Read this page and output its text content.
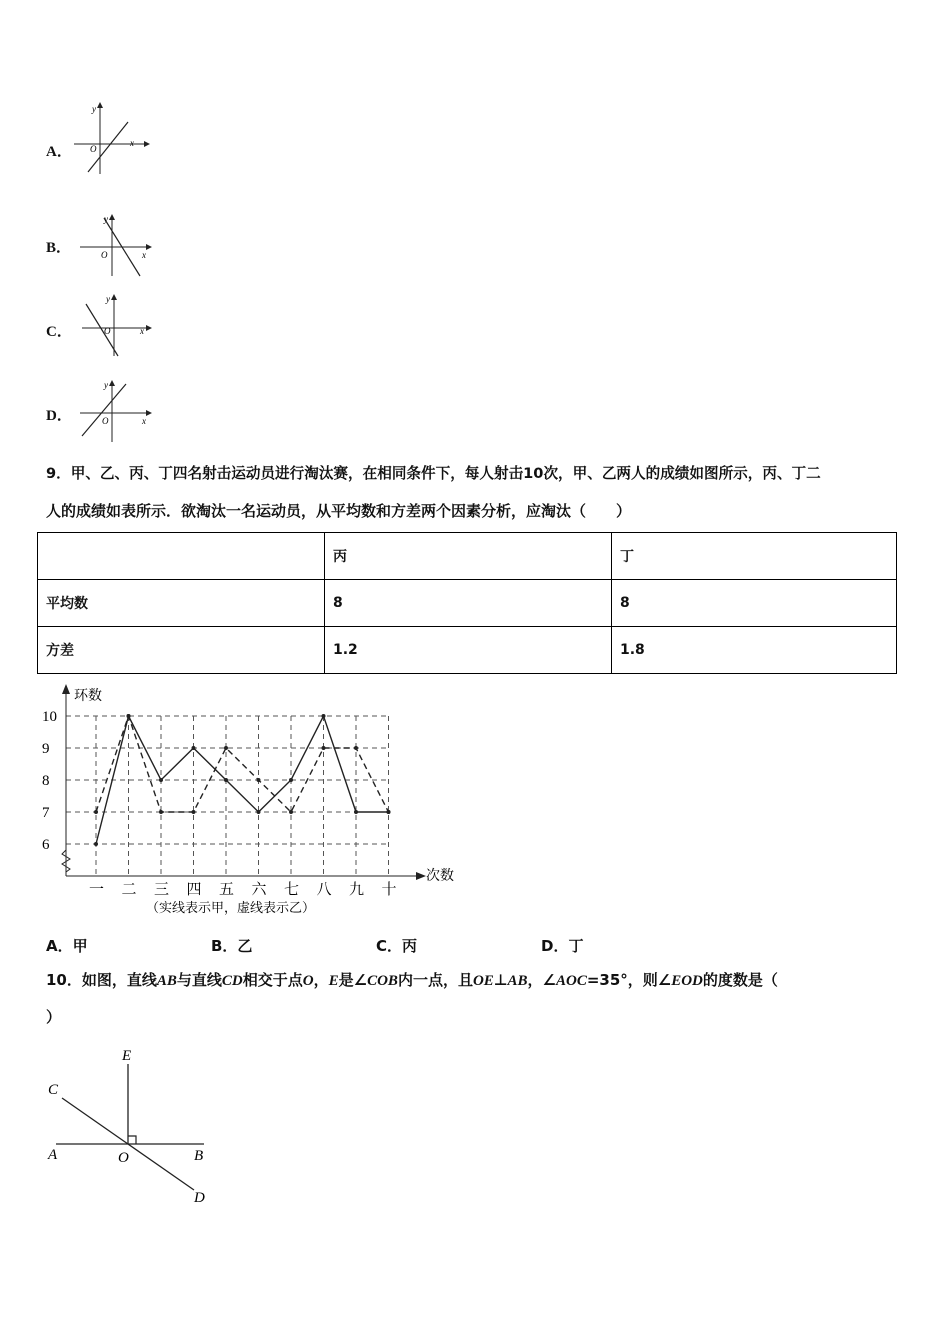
A．
y
x
O
B．
y
x
O
C．
y
x
O
D．
y
x
O
9．甲、乙、丙、丁四名射击运动员进行淘汰赛，在相同条件下，每人射击10次，甲、乙两人的成绩如图所示，丙、丁二
人的成绩如表所示．欲淘汰一名运动员，从平均数和方差两个因素分析，应淘汰（　　）
	丙	丁
平均数	8	8
方差	1.2	1.8
6
7
8
9
10
一 二 三 四 五 六 七 八 九 十
环数
次数
（实线表示甲，虚线表示乙）
A．甲	B．乙	C．丙	D．丁
10．如图，直线AB与直线CD相交于点O，E是∠COB内一点，且OE⊥AB，∠AOC=35°，则∠EOD的度数是（
）
E
C
A	O	B
D
